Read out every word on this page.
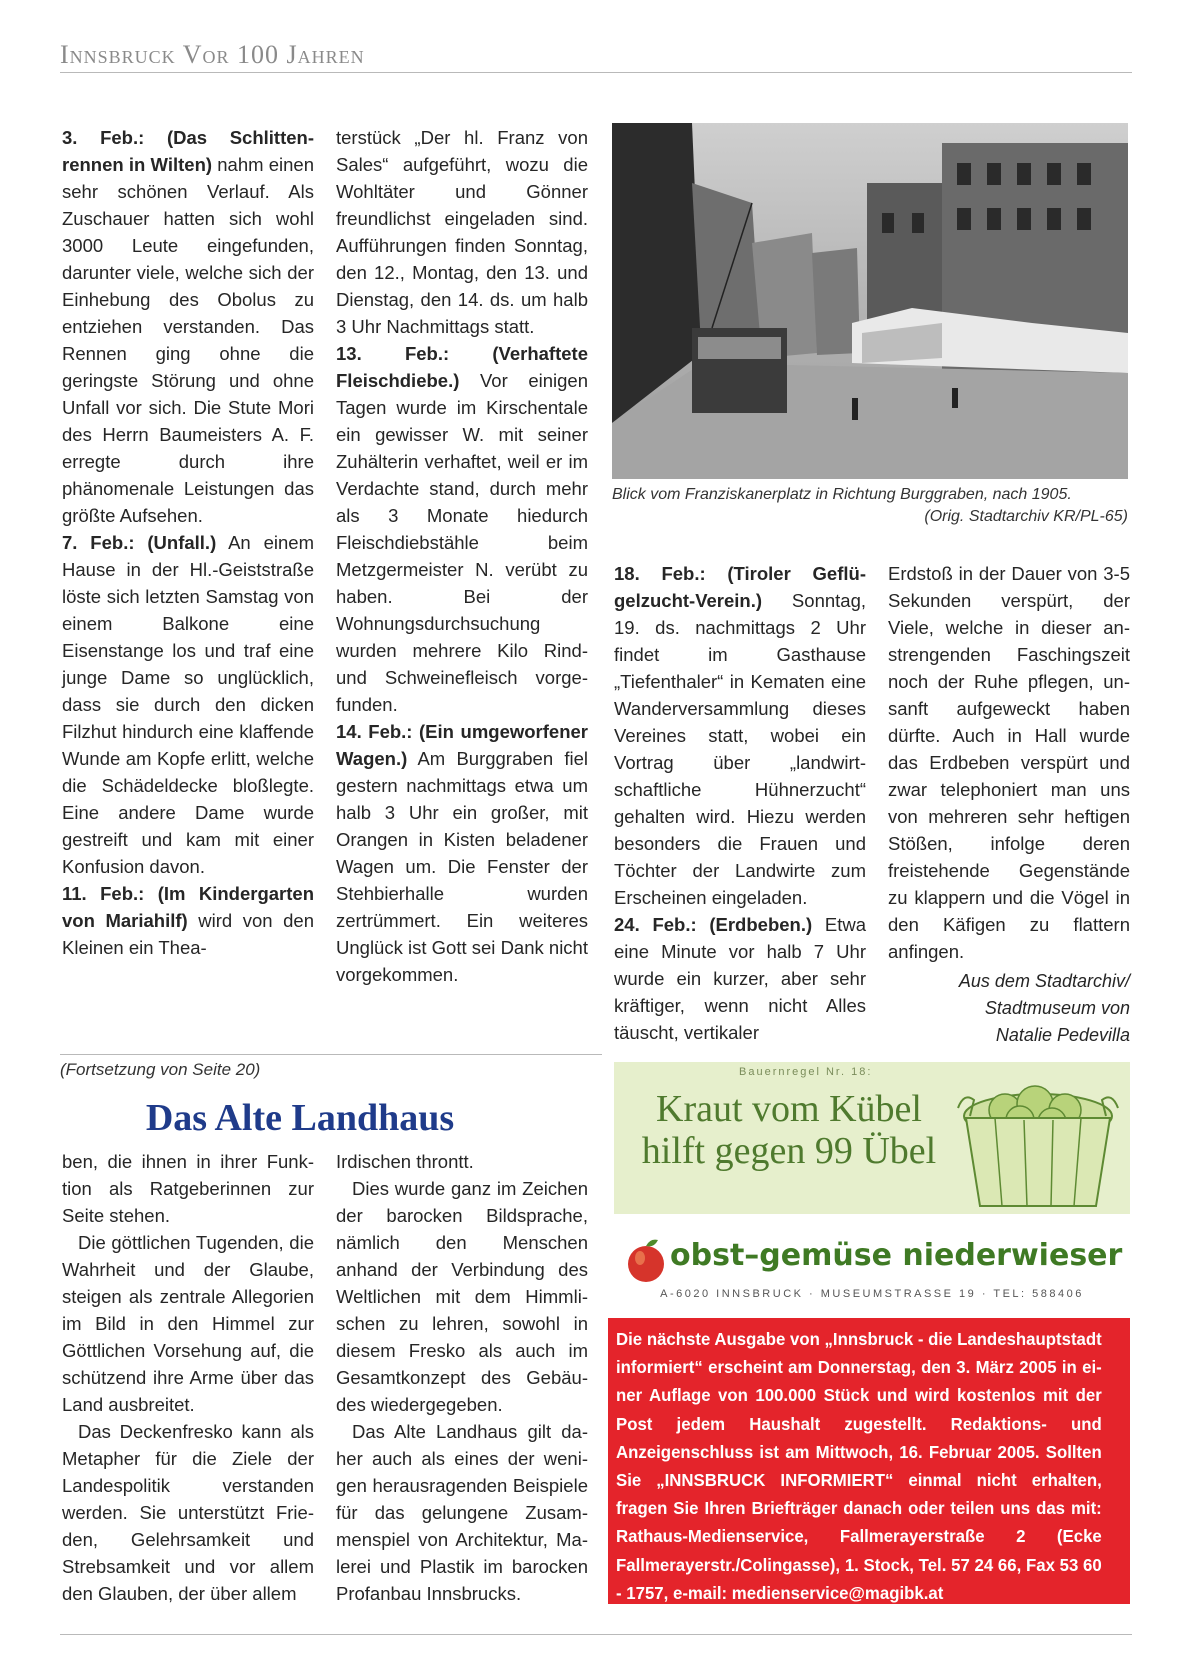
Innsbruck Vor 100 Jahren

3. Feb.: (Das Schlittenrennen in Wilten) nahm einen sehr schönen Verlauf. Als Zuschauer hatten sich wohl 3000 Leute eingefunden, darunter viele, welche sich der Einhebung des Obolus zu entziehen verstanden. Das Rennen ging ohne die geringste Störung und ohne Unfall vor sich. Die Stute Mori des Herrn Baumeisters A. F. erregte durch ihre phänomenale Leistungen das größte Aufsehen.

7. Feb.: (Unfall.) An einem Hause in der Hl.-Geiststraße löste sich letzten Samstag von einem Balkone eine Eisenstange los und traf eine junge Dame so unglücklich, dass sie durch den dicken Filzhut hindurch eine klaffende Wunde am Kopfe erlitt, welche die Schädeldecke bloßlegte. Eine andere Dame wurde gestreift und kam mit einer Konfusion davon.

11. Feb.: (Im Kindergarten von Mariahilf) wird von den Kleinen ein Thea-

terstück „Der hl. Franz von Sales“ aufgeführt, wozu die Wohltäter und Gönner freundlichst eingeladen sind. Aufführungen finden Sonntag, den 12., Montag, den 13. und Dienstag, den 14. ds. um halb 3 Uhr Nachmittags statt.

13. Feb.: (Verhaftete Fleischdiebe.) Vor einigen Tagen wurde im Kirschentale ein gewisser W. mit seiner Zuhälterin verhaftet, weil er im Verdachte stand, durch mehr als 3 Monate hiedurch Fleischdiebstähle beim Metzgermeister N. verübt zu haben. Bei der Wohnungsdurchsuchung wurden mehrere Kilo Rind- und Schweinefleisch vorgefunden.

14. Feb.: (Ein umgeworfener Wagen.) Am Burggraben fiel gestern nachmittags etwa um halb 3 Uhr ein großer, mit Orangen in Kisten beladener Wagen um. Die Fenster der Stehbierhalle wurden zertrümmert. Ein weiteres Unglück ist Gott sei Dank nicht vorgekommen.

Blick vom Franziskanerplatz in Richtung Burggraben, nach 1905.
(Orig. Stadtarchiv KR/PL-65)

18. Feb.: (Tiroler Geflügelzucht-Verein.) Sonntag, 19. ds. nachmittags 2 Uhr findet im Gasthause „Tiefenthaler“ in Kematen eine Wanderversammlung dieses Vereines statt, wobei ein Vortrag über „landwirtschaftliche Hühnerzucht“ gehalten wird. Hiezu werden besonders die Frauen und Töchter der Landwirte zum Erscheinen eingeladen.

24. Feb.: (Erdbeben.) Etwa eine Minute vor halb 7 Uhr wurde ein kurzer, aber sehr kräftiger, wenn nicht Alles täuscht, vertikaler

Erdstoß in der Dauer von 3-5 Sekunden verspürt, der Viele, welche in dieser anstrengenden Faschingszeit noch der Ruhe pflegen, unsanft aufgeweckt haben dürfte. Auch in Hall wurde das Erdbeben verspürt und zwar telephoniert man uns von mehreren sehr heftigen Stößen, infolge deren freistehende Gegenstände zu klappern und die Vögel in den Käfigen zu flattern anfingen.

Aus dem Stadtarchiv/
Stadtmuseum von
Natalie Pedevilla
(Fortsetzung von Seite 20)
Das Alte Landhaus

ben, die ihnen in ihrer Funktion als Ratgeberinnen zur Seite stehen.

Die göttlichen Tugenden, die Wahrheit und der Glaube, steigen als zentrale Allegorien im Bild in den Himmel zur Göttlichen Vorsehung auf, die schützend ihre Arme über das Land ausbreitet.

Das Deckenfresko kann als Metapher für die Ziele der Landespolitik verstanden werden. Sie unterstützt Frieden, Gelehrsamkeit und Strebsamkeit und vor allem den Glauben, der über allem

Irdischen throntt.

Dies wurde ganz im Zeichen der barocken Bildsprache, nämlich den Menschen anhand der Verbindung des Weltlichen mit dem Himmlischen zu lehren, sowohl in diesem Fresko als auch im Gesamtkonzept des Gebäudes wiedergegeben.

Das Alte Landhaus gilt daher auch als eines der wenigen herausragenden Beispiele für das gelungene Zusammenspiel von Architektur, Malerei und Plastik im barocken Profanbau Innsbrucks.

Bauernregel Nr. 18:
Kraut vom Kübel
hilft gegen 99 Übel
obst–gemüse niederwieser
A-6020 INNSBRUCK · MUSEUMSTRASSE 19 · TEL: 588406
Die nächste Ausgabe von „Innsbruck - die Landeshauptstadt informiert“ erscheint am Donnerstag, den 3. März 2005 in einer Auflage von 100.000 Stück und wird kostenlos mit der Post jedem Haushalt zugestellt. Redaktions- und Anzeigenschluss ist am Mittwoch, 16. Februar 2005. Sollten Sie „INNSBRUCK INFORMIERT“ einmal nicht erhalten, fragen Sie Ihren Briefträger danach oder teilen uns das mit: Rathaus-Medienservice, Fallmerayerstraße 2 (Ecke Fallmerayerstr./Colingasse), 1. Stock, Tel. 57 24 66, Fax 53 60 - 1757, e-mail: medienservice@magibk.at
